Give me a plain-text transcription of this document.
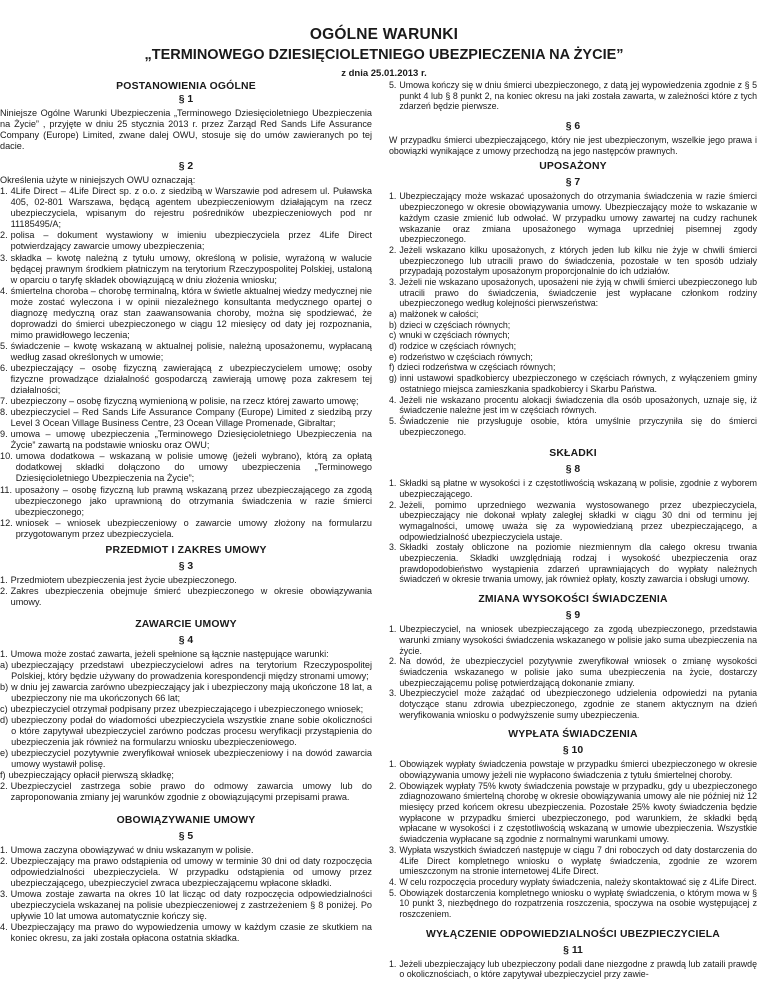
OGÓLNE WARUNKI
„TERMINOWEGO DZIESIĘCIOLETNIEGO UBEZPIECZENIA NA ŻYCIE”
z dnia 25.01.2013 r.
POSTANOWIENIA OGÓLNE
§ 1
Niniejsze Ogólne Warunki Ubezpieczenia „Terminowego Dziesięcioletniego Ubezpieczenia na Życie” , przyjęte w dniu 25 stycznia 2013 r. przez Zarząd Red Sands Life Assurance Company (Europe) Limited, zwane dalej OWU, stosuje się do umów zawieranych po tej dacie.
§ 2
Określenia użyte w niniejszych OWU oznaczają:
1. 4Life Direct – 4Life Direct sp. z o.o. z siedzibą w Warszawie pod adresem ul. Puławska 405, 02-801 Warszawa, będącą agentem ubezpieczeniowym działającym na rzecz ubezpieczyciela, wpisanym do rejestru pośredników ubezpieczeniowych pod nr 11185495/A;
2. polisa – dokument wystawiony w imieniu ubezpieczyciela przez 4Life Direct potwierdzający zawarcie umowy ubezpieczenia;
3. składka – kwotę należną z tytułu umowy, określoną w polisie, wyrażoną w walucie będącej prawnym środkiem płatniczym na terytorium Rzeczypospolitej Polskiej, ustaloną w oparciu o taryfę składek obowiązującą w dniu złożenia wniosku;
4. śmiertelna choroba – chorobę terminalną, która w świetle aktualnej wiedzy medycznej nie może zostać wyleczona i w opinii niezależnego konsultanta medycznego opartej o diagnozę medyczną oraz stan zaawansowania choroby, można się spodziewać, że doprowadzi do śmierci ubezpieczonego w ciągu 12 miesięcy od daty jej rozpoznania, mimo prawidłowego leczenia;
5. świadczenie – kwotę wskazaną w aktualnej polisie, należną uposażonemu, wypłacaną według zasad określonych w umowie;
6. ubezpieczający – osobę fizyczną zawierającą z ubezpieczycielem umowę; osoby fizyczne prowadzące działalność gospodarczą zawierają umowę poza zakresem tej działalności;
7. ubezpieczony – osobę fizyczną wymienioną w polisie, na rzecz której zawarto umowę;
8. ubezpieczyciel – Red Sands Life Assurance Company (Europe) Limited z siedzibą przy Level 3 Ocean Village Business Centre, 23 Ocean Village Promenade, Gibraltar;
9. umowa – umowę ubezpieczenia „Terminowego Dziesięcioletniego Ubezpieczenia na Życie” zawartą na podstawie wniosku oraz OWU;
10. umowa dodatkowa – wskazaną w polisie umowę (jeżeli wybrano), którą za opłatą dodatkowej składki dołączono do umowy ubezpieczenia „Terminowego Dziesięcioletniego Ubezpieczenia na Życie”;
11. uposażony – osobę fizyczną lub prawną wskazaną przez ubezpieczającego za zgodą ubezpieczonego jako uprawnioną do otrzymania świadczenia w razie śmierci ubezpieczonego;
12. wniosek – wniosek ubezpieczeniowy o zawarcie umowy złożony na formularzu przygotowanym przez ubezpieczyciela.
PRZEDMIOT I ZAKRES UMOWY
§ 3
1. Przedmiotem ubezpieczenia jest życie ubezpieczonego.
2. Zakres ubezpieczenia obejmuje śmierć ubezpieczonego w okresie obowiązywania umowy.
ZAWARCIE UMOWY
§ 4
1. Umowa może zostać zawarta, jeżeli spełnione są łącznie następujące warunki:
a) ubezpieczający przedstawi ubezpieczycielowi adres na terytorium Rzeczypospolitej Polskiej, który będzie używany do prowadzenia korespondencji między stronami umowy;
b) w dniu jej zawarcia zarówno ubezpieczający jak i ubezpieczony mają ukończone 18 lat, a ubezpieczony nie ma ukończonych 66 lat;
c) ubezpieczyciel otrzymał podpisany przez ubezpieczającego i ubezpieczonego wniosek;
d) ubezpieczony podał do wiadomości ubezpieczyciela wszystkie znane sobie okoliczności o które zapytywał ubezpieczyciel zarówno podczas procesu weryfikacji przystąpienia do ubezpieczenia jak również na formularzu wniosku ubezpieczeniowego.
e) ubezpieczyciel pozytywnie zweryfikował wniosek ubezpieczeniowy i na dowód zawarcia umowy wystawił polisę.
f) ubezpieczający opłacił pierwszą składkę;
2. Ubezpieczyciel zastrzega sobie prawo do odmowy zawarcia umowy lub do zaproponowania zmiany jej warunków zgodnie z obowiązującymi przepisami prawa.
OBOWIĄZYWANIE UMOWY
§ 5
1. Umowa zaczyna obowiązywać w dniu wskazanym w polisie.
2. Ubezpieczający ma prawo odstąpienia od umowy w terminie 30 dni od daty rozpoczęcia odpowiedzialności ubezpieczyciela. W przypadku odstąpienia od umowy przez ubezpieczającego, ubezpieczyciel zwraca ubezpieczającemu wpłacone składki.
3. Umowa zostaje zawarta na okres 10 lat licząc od daty rozpoczęcia odpowiedzialności ubezpieczyciela wskazanej na polisie ubezpieczeniowej z zastrzeżeniem § 8 poniżej. Po upływie 10 lat umowa automatycznie kończy się.
4. Ubezpieczający ma prawo do wypowiedzenia umowy w każdym czasie ze skutkiem na koniec okresu, za jaki została opłacona ostatnia składka.
5. Umowa kończy się w dniu śmierci ubezpieczonego, z datą jej wypowiedzenia zgodnie z § 5 punkt 4 lub § 8 punkt 2, na koniec okresu na jaki została zawarta, w zależności które z tych zdarzeń będzie pierwsze.
§ 6
W przypadku śmierci ubezpieczającego, który nie jest ubezpieczonym, wszelkie jego prawa i obowiązki wynikające z umowy przechodzą na jego następców prawnych.
UPOSAŻONY
§ 7
1. Ubezpieczający może wskazać uposażonych do otrzymania świadczenia w razie śmierci ubezpieczonego w okresie obowiązywania umowy. Ubezpieczający może to wskazanie w każdym czasie zmienić lub odwołać. W przypadku umowy zawartej na cudzy rachunek wskazanie oraz zmiana uposażonego wymaga uprzedniej pisemnej zgody ubezpieczonego.
2. Jeżeli wskazano kilku uposażonych, z których jeden lub kilku nie żyje w chwili śmierci ubezpieczonego lub utracili prawo do świadczenia, pozostałe w ten sposób udziały przypadają pozostałym uposażonym proporcjonalnie do ich udziałów.
3. Jeżeli nie wskazano uposażonych, uposażeni nie żyją w chwili śmierci ubezpieczonego lub utracili prawo do świadczenia, świadczenie jest wypłacane członkom rodziny ubezpieczonego według kolejności pierwszeństwa:
a) małżonek w całości;
b) dzieci w częściach równych;
c) wnuki w częściach równych;
d) rodzice w częściach równych;
e) rodzeństwo w częściach równych;
f) dzieci rodzeństwa w częściach równych;
g) inni ustawowi spadkobiercy ubezpieczonego w częściach równych, z wyłączeniem gminy ostatniego miejsca zamieszkania spadkobiercy i Skarbu Państwa.
4. Jeżeli nie wskazano procentu alokacji świadczenia dla osób uposażonych, uznaje się, iż świadczenie należne jest im w częściach równych.
5. Świadczenie nie przysługuje osobie, która umyślnie przyczyniła się do śmierci ubezpieczonego.
SKŁADKI
§ 8
1. Składki są płatne w wysokości i z częstotliwością wskazaną w polisie, zgodnie z wyborem ubezpieczającego.
2. Jeżeli, pomimo uprzedniego wezwania wystosowanego przez ubezpieczyciela, ubezpieczający nie dokonał wpłaty zaległej składki w ciągu 30 dni od terminu jej wymagalności, umowę uważa się za wypowiedzianą przez ubezpieczającego, a odpowiedzialność ubezpieczyciela ustaje.
3. Składki zostały obliczone na poziomie niezmiennym dla całego okresu trwania ubezpieczenia. Składki uwzględniają rodzaj i wysokość ubezpieczenia oraz prawdopodobieństwo wystąpienia zdarzeń uprawniających do wypłaty należnych świadczeń w okresie trwania umowy, jak również opłaty, koszty zawarcia i obsługi umowy.
ZMIANA WYSOKOŚCI ŚWIADCZENIA
§ 9
1. Ubezpieczyciel, na wniosek ubezpieczającego za zgodą ubezpieczonego, przedstawia warunki zmiany wysokości świadczenia wskazanego w polisie jako suma ubezpieczenia na życie.
2. Na dowód, że ubezpieczyciel pozytywnie zweryfikował wniosek o zmianę wysokości świadczenia wskazanego w polisie jako suma ubezpieczenia na życie, dostarczy ubezpieczającemu polisę potwierdzającą dokonanie zmiany.
3. Ubezpieczyciel może zażądać od ubezpieczonego udzielenia odpowiedzi na pytania dotyczące stanu zdrowia ubezpieczonego, zgodnie ze stanem aktycznym na dzień weryfikowania wniosku o podwyższenie sumy ubezpieczenia.
WYPŁATA ŚWIADCZENIA
§ 10
1. Obowiązek wypłaty świadczenia powstaje w przypadku śmierci ubezpieczonego w okresie obowiązywania umowy jeżeli nie wypłacono świadczenia z tytułu śmiertelnej choroby.
2. Obowiązek wypłaty 75% kwoty świadczenia powstaje w przypadku, gdy u ubezpieczonego zdiagnozowano śmiertelną chorobę w okresie obowiązywania umowy ale nie później niż 12 miesięcy przed końcem okresu ubezpieczenia. Pozostałe 25% kwoty świadczenia będzie wypłacone w przypadku śmierci ubezpieczonego, pod warunkiem, że składki będą wpłacane w wysokości i z częstotliwością wskazaną w umowie ubezpieczenia. Wszystkie świadczenia wypłacane są zgodnie z normalnymi warunkami umowy.
3. Wypłata wszystkich świadczeń następuje w ciągu 7 dni roboczych od daty dostarczenia do 4Life Direct kompletnego wniosku o wypłatę świadczenia, zgodnie ze wzorem umieszczonym na stronie internetowej 4Life Direct.
4. W celu rozpoczęcia procedury wypłaty świadczenia, należy skontaktować się z 4Life Direct.
5. Obowiązek dostarczenia kompletnego wniosku o wypłatę świadczenia, o którym mowa w § 10 punkt 3, niezbędnego do rozpatrzenia roszczenia, spoczywa na osobie występującej z roszczeniem.
WYŁĄCZENIE ODPOWIEDZIALNOŚCI UBEZPIECZYCIELA
§ 11
1. Jeżeli ubezpieczający lub ubezpieczony podali dane niezgodne z prawdą lub zataili prawdę o okolicznościach, o które zapytywał ubezpieczyciel przy zawie-
